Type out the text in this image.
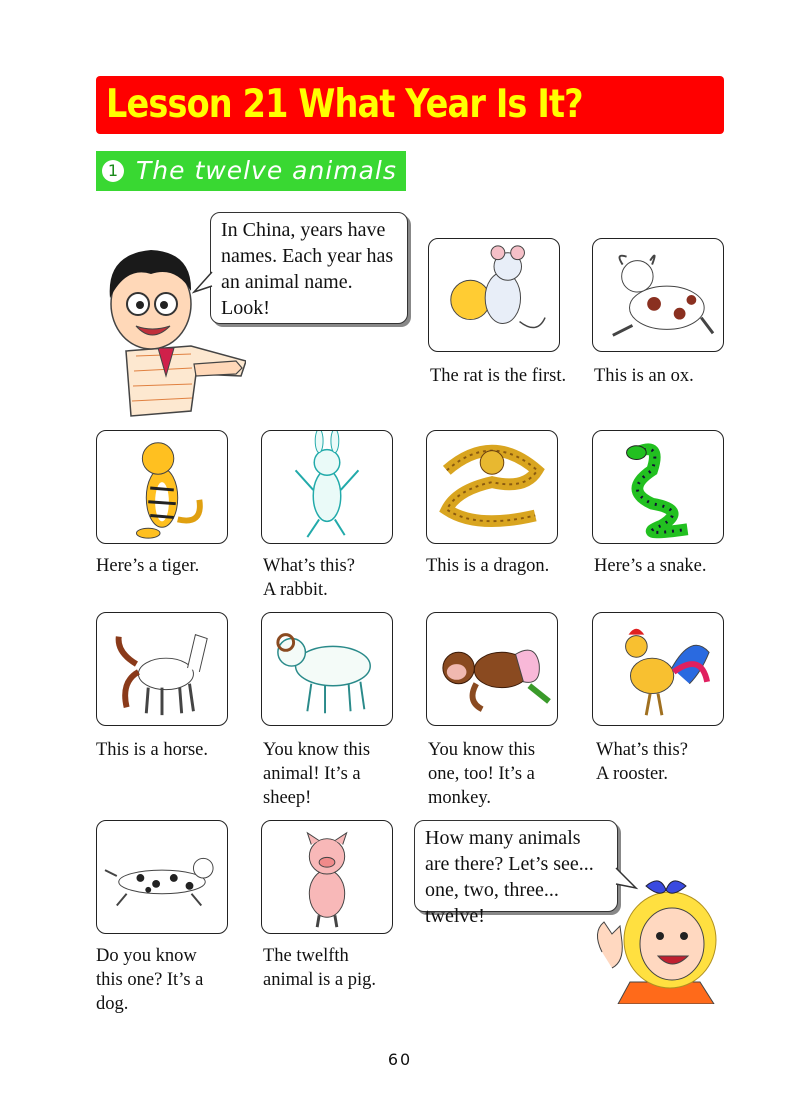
Lesson 21 What Year Is It?
1 The twelve animals
In China, years have names. Each year has an animal name. Look!
The rat is the first.	This is an ox.
Here’s a tiger.	What’s this?
A rabbit.
This is a dragon.	Here’s a snake.
This is a horse.	You know this animal! It’s a sheep!
You know this one, too! It’s a monkey.
What’s this?
A rooster.
Do you know this one? It’s a dog.
The twelfth animal is a pig.
How many animals are there? Let’s see... one, two, three... twelve!
60
